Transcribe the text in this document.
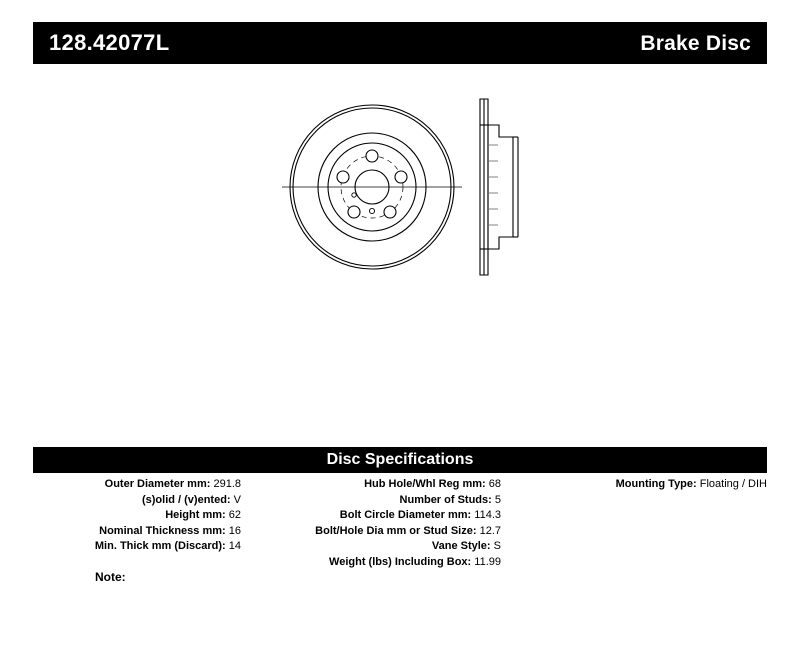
128.42077L	Brake Disc
Disc Specifications
Outer Diameter mm: 291.8
(s)olid / (v)ented: V
Height mm: 62
Nominal Thickness mm: 16
Min. Thick mm (Discard): 14
Hub Hole/Whl Reg mm: 68
Number of Studs: 5
Bolt Circle Diameter mm: 114.3
Bolt/Hole Dia mm or Stud Size: 12.7
Vane Style: S
Weight (lbs) Including Box: 11.99
Mounting Type: Floating / DIH
Note:
